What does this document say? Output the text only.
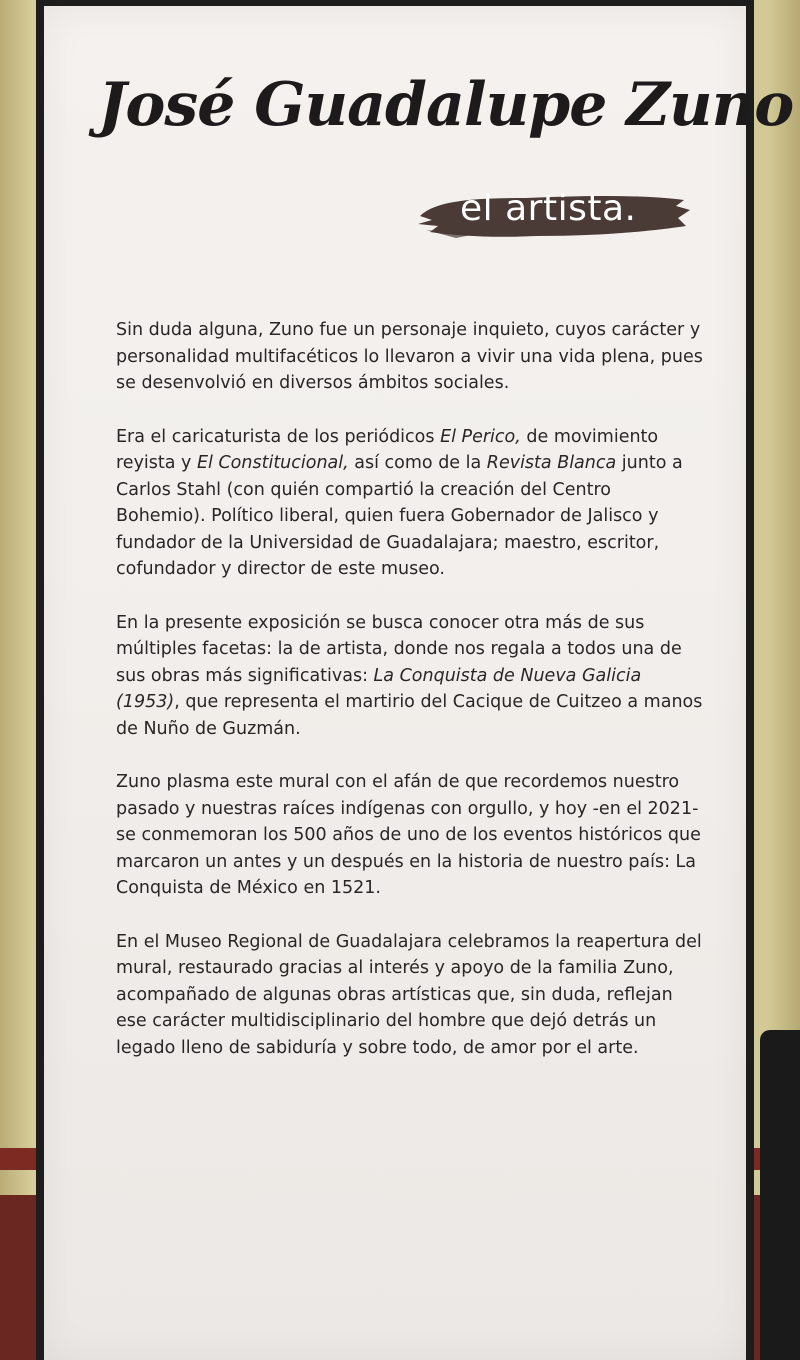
José Guadalupe Zuno
el artista.

Sin duda alguna, Zuno fue un personaje inquieto, cuyos carácter y personalidad multifacéticos lo llevaron a vivir una vida plena, pues se desenvolvió en diversos ámbitos sociales.

Era el caricaturista de los periódicos El Perico, de movimiento reyista y El Constitucional, así como de la Revista Blanca junto a Carlos Stahl (con quién compartió la creación del Centro Bohemio). Político liberal, quien fuera Gobernador de Jalisco y fundador de la Universidad de Guadalajara; maestro, escritor, cofundador y director de este museo.

En la presente exposición se busca conocer otra más de sus múltiples facetas: la de artista, donde nos regala a todos una de sus obras más significativas: La Conquista de Nueva Galicia (1953), que representa el martirio del Cacique de Cuitzeo a manos de Nuño de Guzmán.

Zuno plasma este mural con el afán de que recordemos nuestro pasado y nuestras raíces indígenas con orgullo, y hoy -en el 2021- se conmemoran los 500 años de uno de los eventos históricos que marcaron un antes y un después en la historia de nuestro país: La Conquista de México en 1521.

En el Museo Regional de Guadalajara celebramos la reapertura del mural, restaurado gracias al interés y apoyo de la familia Zuno, acompañado de algunas obras artísticas que, sin duda, reflejan ese carácter multidisciplinario del hombre que dejó detrás un legado lleno de sabiduría y sobre todo, de amor por el arte.
